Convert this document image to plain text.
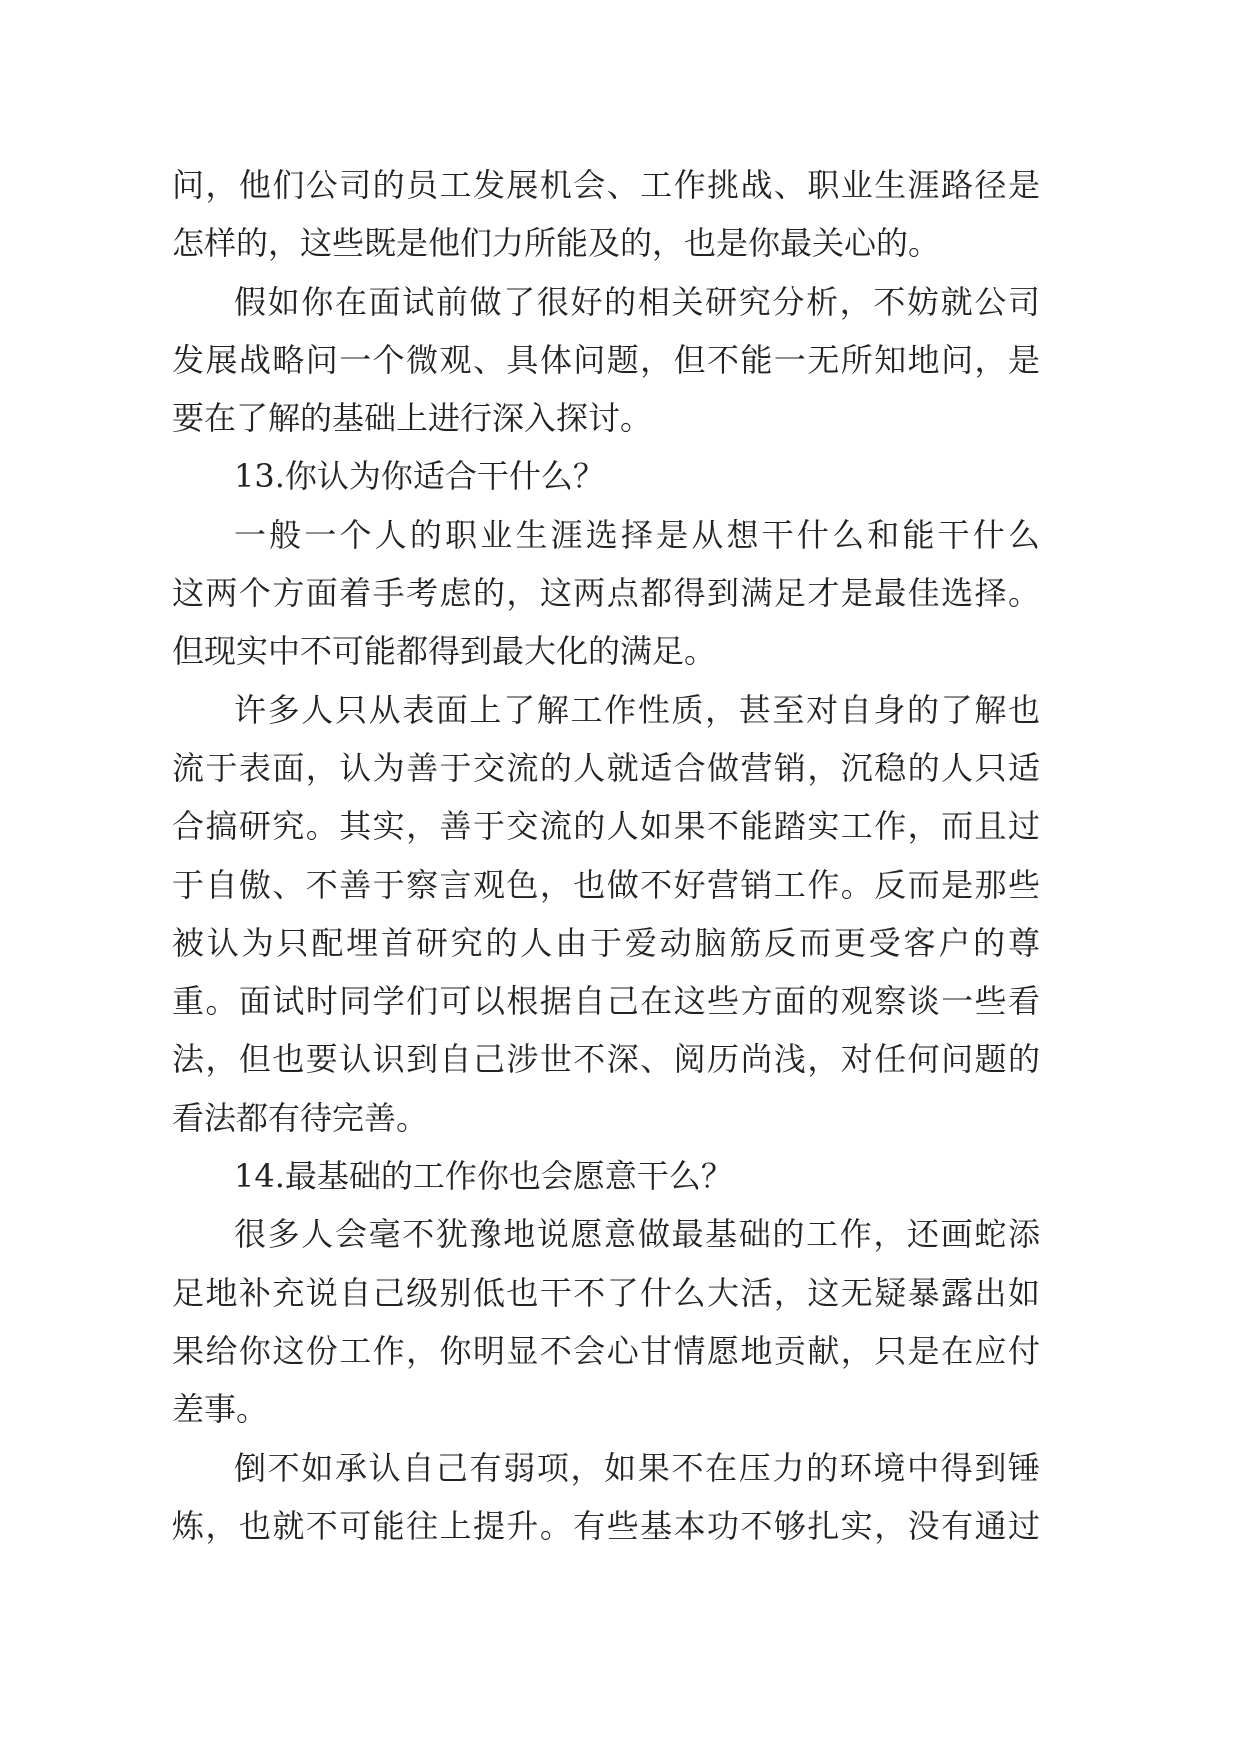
问，他们公司的员工发展机会、工作挑战、职业生涯路径是
怎样的，这些既是他们力所能及的，也是你最关心的。
假如你在面试前做了很好的相关研究分析，不妨就公司
发展战略问一个微观、具体问题，但不能一无所知地问，是
要在了解的基础上进行深入探讨。
13.你认为你适合干什么？
一般一个人的职业生涯选择是从想干什么和能干什么
这两个方面着手考虑的，这两点都得到满足才是最佳选择。
但现实中不可能都得到最大化的满足。
许多人只从表面上了解工作性质，甚至对自身的了解也
流于表面，认为善于交流的人就适合做营销，沉稳的人只适
合搞研究。其实，善于交流的人如果不能踏实工作，而且过
于自傲、不善于察言观色，也做不好营销工作。反而是那些
被认为只配埋首研究的人由于爱动脑筋反而更受客户的尊
重。面试时同学们可以根据自己在这些方面的观察谈一些看
法，但也要认识到自己涉世不深、阅历尚浅，对任何问题的
看法都有待完善。
14.最基础的工作你也会愿意干么？
很多人会毫不犹豫地说愿意做最基础的工作，还画蛇添
足地补充说自己级别低也干不了什么大活，这无疑暴露出如
果给你这份工作，你明显不会心甘情愿地贡献，只是在应付
差事。
倒不如承认自己有弱项，如果不在压力的环境中得到锤
炼，也就不可能往上提升。有些基本功不够扎实，没有通过
